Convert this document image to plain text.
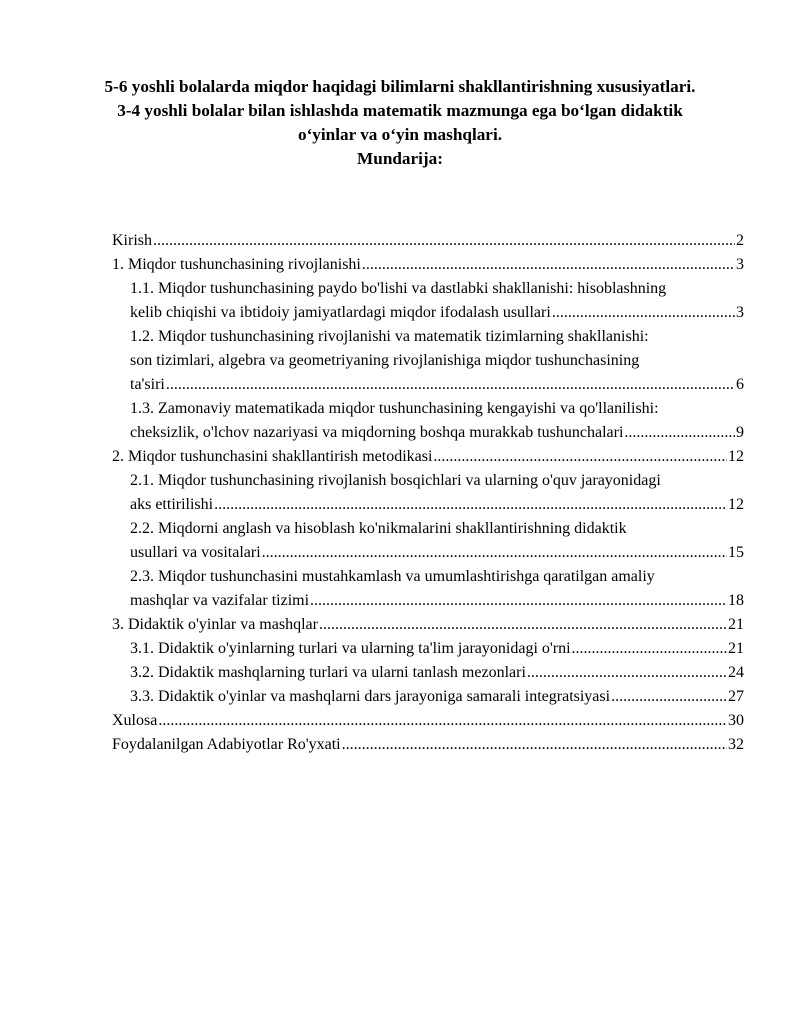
5-6 yoshli bolalarda miqdor haqidagi bilimlarni shakllantirishning xususiyatlari.
3-4 yoshli bolalar bilan ishlashda matematik mazmunga ega bo‘lgan didaktik
o‘yinlar va o‘yin mashqlari.
Mundarija:
Kirish .....	2
1. Miqdor tushunchasining rivojlanishi .....	3
1.1. Miqdor tushunchasining paydo bo'lishi va dastlabki shakllanishi: hisoblashning
kelib chiqishi va ibtidoiy jamiyatlardagi miqdor ifodalash usullari .....	3
1.2. Miqdor tushunchasining rivojlanishi va matematik tizimlarning shakllanishi:
son tizimlari, algebra va geometriyaning rivojlanishiga miqdor tushunchasining
ta'siri .....	6
1.3. Zamonaviy matematikada miqdor tushunchasining kengayishi va qo'llanilishi:
cheksizlik, o'lchov nazariyasi va miqdorning boshqa murakkab tushunchalari .....	9
2. Miqdor tushunchasini shakllantirish metodikasi .....	12
2.1. Miqdor tushunchasining rivojlanish bosqichlari va ularning o'quv jarayonidagi
aks ettirilishi .....	12
2.2. Miqdorni anglash va hisoblash ko'nikmalarini shakllantirishning didaktik
usullari va vositalari .....	15
2.3. Miqdor tushunchasini mustahkamlash va umumlashtirishga qaratilgan amaliy
mashqlar va vazifalar tizimi .....	18
3. Didaktik o'yinlar va mashqlar .....	21
3.1. Didaktik o'yinlarning turlari va ularning ta'lim jarayonidagi o'rni .....	21
3.2. Didaktik mashqlarning turlari va ularni tanlash mezonlari .....	24
3.3. Didaktik o'yinlar va mashqlarni dars jarayoniga samarali integratsiyasi .....	27
Xulosa .....	30
Foydalanilgan Adabiyotlar Ro'yxati .....	32
